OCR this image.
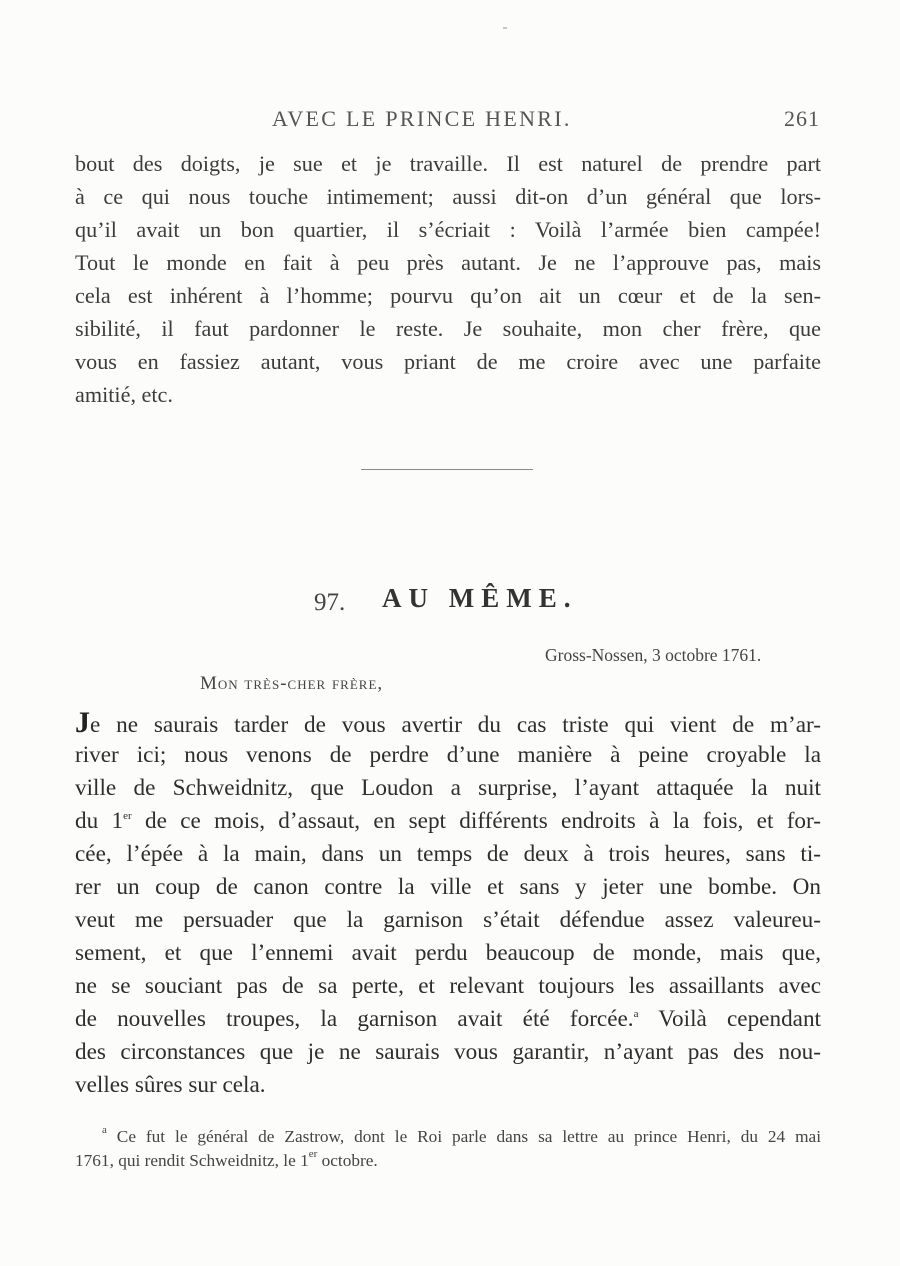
AVEC LE PRINCE HENRI.	261
bout des doigts, je sue et je travaille. Il est naturel de prendre part
à ce qui nous touche intimement; aussi dit-on d’un général que lors-
qu’il avait un bon quartier, il s’écriait : Voilà l’armée bien campée!
Tout le monde en fait à peu près autant. Je ne l’approuve pas, mais
cela est inhérent à l’homme; pourvu qu’on ait un cœur et de la sen-
sibilité, il faut pardonner le reste. Je souhaite, mon cher frère, que
vous en fassiez autant, vous priant de me croire avec une parfaite
amitié, etc.
97. AU MÊME.
Gross-Nossen, 3 octobre 1761.
Mon très-cher frère,
Je ne saurais tarder de vous avertir du cas triste qui vient de m’ar-
river ici; nous venons de perdre d’une manière à peine croyable la
ville de Schweidnitz, que Loudon a surprise, l’ayant attaquée la nuit
du 1er de ce mois, d’assaut, en sept différents endroits à la fois, et for-
cée, l’épée à la main, dans un temps de deux à trois heures, sans ti-
rer un coup de canon contre la ville et sans y jeter une bombe. On
veut me persuader que la garnison s’était défendue assez valeureu-
sement, et que l’ennemi avait perdu beaucoup de monde, mais que,
ne se souciant pas de sa perte, et relevant toujours les assaillants avec
de nouvelles troupes, la garnison avait été forcée.$^a$ Voilà cependant
des circonstances que je ne saurais vous garantir, n’ayant pas des nou-
velles sûres sur cela.
$^a$ Ce fut le général de Zastrow, dont le Roi parle dans sa lettre au prince Henri, du 24 mai
1761, qui rendit Schweidnitz, le 1er octobre.
